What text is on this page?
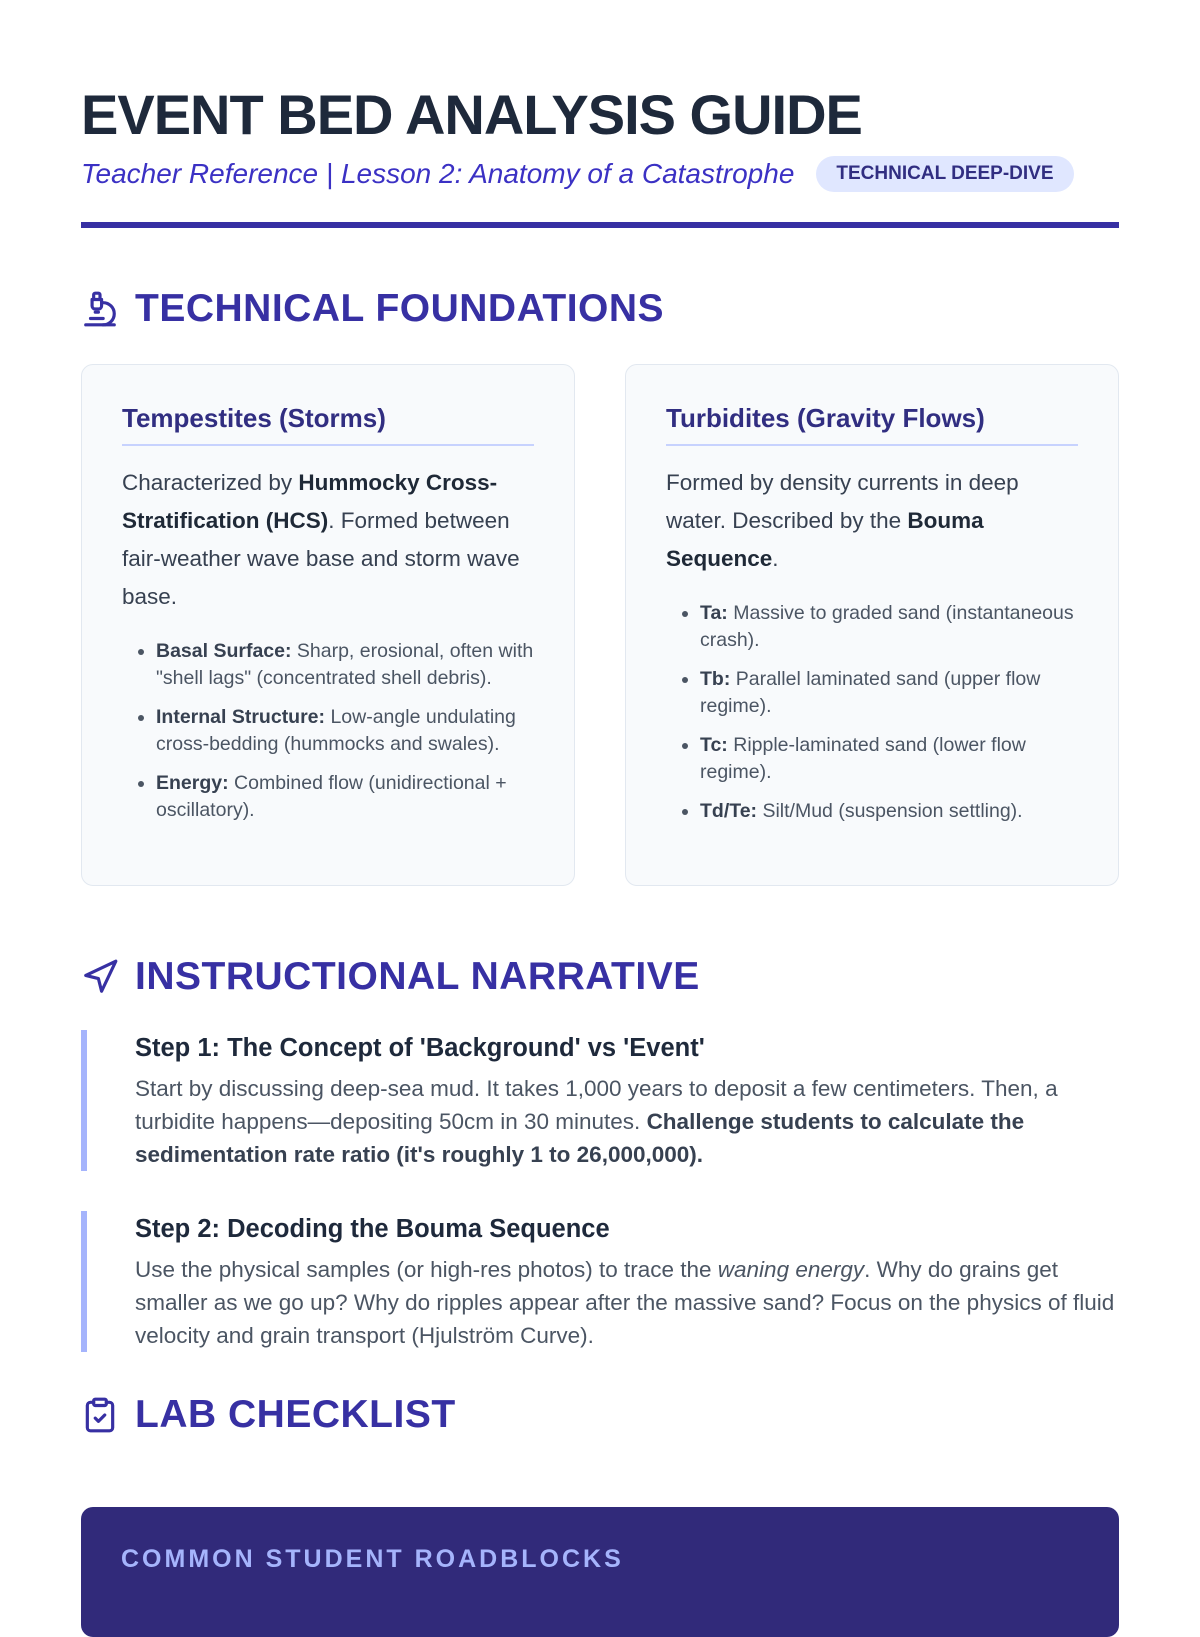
EVENT BED ANALYSIS GUIDE
Teacher Reference | Lesson 2: Anatomy of a Catastrophe	TECHNICAL DEEP-DIVE
TECHNICAL FOUNDATIONS
Tempestites (Storms)

Characterized by Hummocky Cross-Stratification (HCS). Formed between fair-weather wave base and storm wave base.

• Basal Surface: Sharp, erosional, often with "shell lags" (concentrated shell debris).
• Internal Structure: Low-angle undulating cross-bedding (hummocks and swales).
• Energy: Combined flow (unidirectional + oscillatory).
Turbidites (Gravity Flows)

Formed by density currents in deep water. Described by the Bouma Sequence.

• Ta: Massive to graded sand (instantaneous crash).
• Tb: Parallel laminated sand (upper flow regime).
• Tc: Ripple-laminated sand (lower flow regime).
• Td/Te: Silt/Mud (suspension settling).
INSTRUCTIONAL NARRATIVE
Step 1: The Concept of 'Background' vs 'Event'

Start by discussing deep-sea mud. It takes 1,000 years to deposit a few centimeters. Then, a turbidite happens—depositing 50cm in 30 minutes. Challenge students to calculate the sedimentation rate ratio (it's roughly 1 to 26,000,000).

Step 2: Decoding the Bouma Sequence

Use the physical samples (or high-res photos) to trace the waning energy. Why do grains get smaller as we go up? Why do ripples appear after the massive sand? Focus on the physics of fluid velocity and grain transport (Hjulström Curve).

LAB CHECKLIST
COMMON STUDENT ROADBLOCKS
